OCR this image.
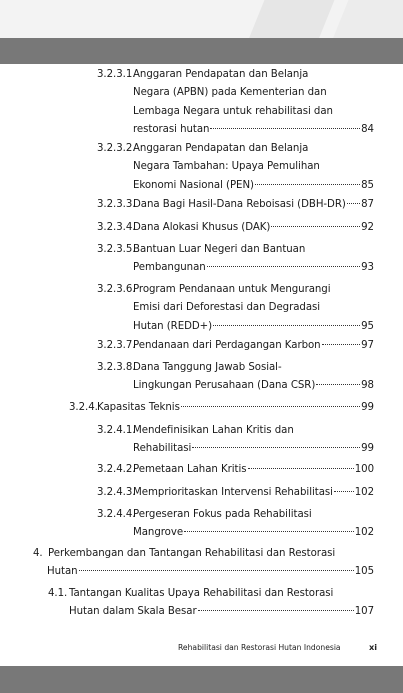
3.2.3.1.
Anggaran Pendapatan dan Belanja
Negara (APBN) pada Kementerian dan
Lembaga Negara untuk rehabilitasi dan
restorasi hutan	84
3.2.3.2.
Anggaran Pendapatan dan Belanja
Negara Tambahan: Upaya Pemulihan
Ekonomi Nasional (PEN)	85
3.2.3.3.
Dana Bagi Hasil-Dana Reboisasi (DBH-DR) 87
3.2.3.4.
Dana Alokasi Khusus (DAK)	92
3.2.3.5.
Bantuan Luar Negeri dan Bantuan
Pembangunan	93
3.2.3.6.
Program Pendanaan untuk Mengurangi
Emisi dari Deforestasi dan Degradasi
Hutan (REDD+)	95
3.2.3.7.
Pendanaan dari Perdagangan Karbon	97
3.2.3.8.
Dana Tanggung Jawab Sosial-
Lingkungan Perusahaan (Dana CSR)	98
3.2.4. Kapasitas Teknis	99
3.2.4.1.
Mendefinisikan Lahan Kritis dan
Rehabilitasi	99
3.2.4.2.
Pemetaan Lahan Kritis	100
3.2.4.3.
Memprioritaskan Intervensi Rehabilitasi 102
3.2.4.4.
Pergeseran Fokus pada Rehabilitasi
Mangrove	102
4. Perkembangan dan Tantangan Rehabilitasi dan Restorasi
Hutan	105
4.1. Tantangan Kualitas Upaya Rehabilitasi dan Restorasi
Hutan dalam Skala Besar	107
Rehabilitasi dan Restorasi Hutan Indonesia	xi
